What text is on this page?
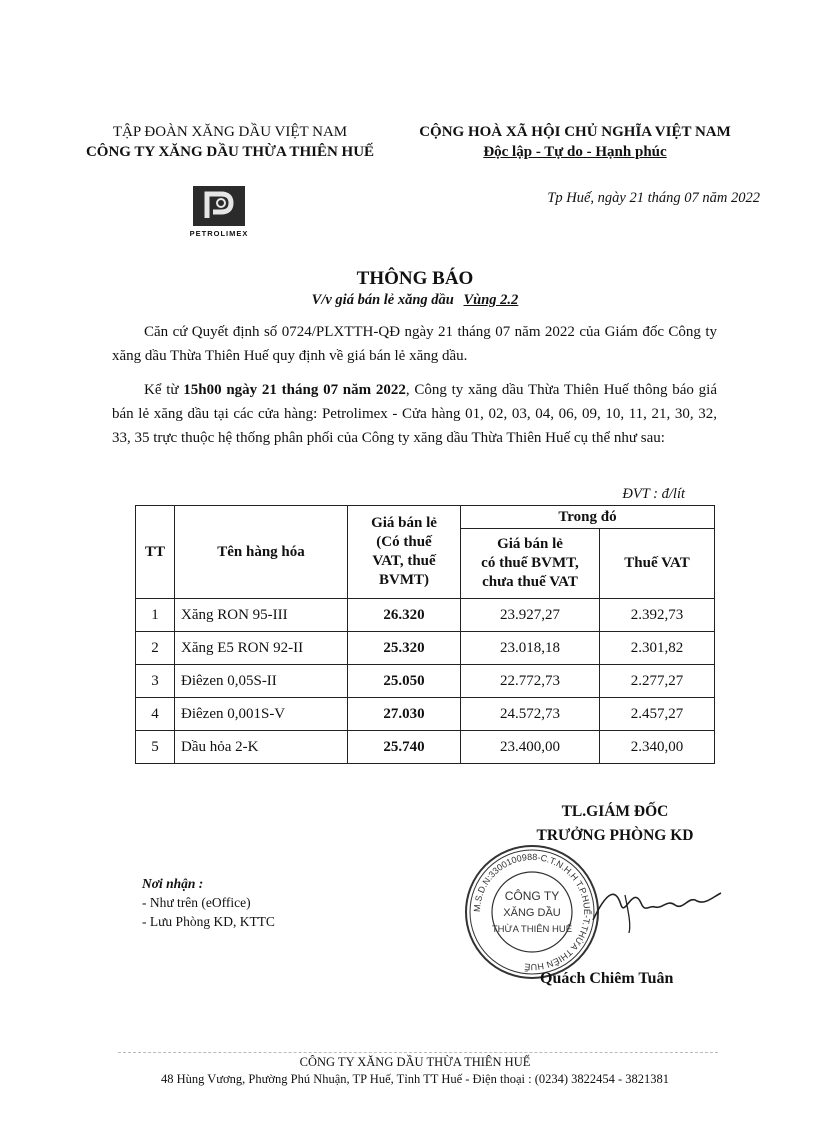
TẬP ĐOÀN XĂNG DẦU VIỆT NAM
CÔNG TY XĂNG DẦU THỪA THIÊN HUẾ
CỘNG HOÀ XÃ HỘI CHỦ NGHĨA VIỆT NAM
Độc lập - Tự do - Hạnh phúc
PETROLIMEX
Tp Huế, ngày 21 tháng 07 năm 2022
THÔNG BÁO
V/v giá bán lẻ xăng dầu Vùng 2.2
Căn cứ Quyết định số 0724/PLXTTH-QĐ ngày 21 tháng 07 năm 2022 của Giám đốc Công ty xăng dầu Thừa Thiên Huế quy định về giá bán lẻ xăng dầu.
Kể từ 15h00 ngày 21 tháng 07 năm 2022, Công ty xăng dầu Thừa Thiên Huế thông báo giá bán lẻ xăng dầu tại các cửa hàng: Petrolimex - Cửa hàng 01, 02, 03, 04, 06, 09, 10, 11, 21, 30, 32, 33, 35 trực thuộc hệ thống phân phối của Công ty xăng dầu Thừa Thiên Huế cụ thể như sau:
ĐVT : đ/lít
TT	Tên hàng hóa	Giá bán lẻ
(Có thuế
VAT, thuế
BVMT)	Trong đó	

			Giá bán lẻ
có thuế BVMT,
chưa thuế VAT	Thuế VAT
1	Xăng RON 95-III	26.320	23.927,27	2.392,73
2	Xăng E5 RON 92-II	25.320	23.018,18	2.301,82
3	Điêzen 0,05S-II	25.050	22.772,73	2.277,27
4	Điêzen 0,001S-V	27.030	24.572,73	2.457,27
5	Dầu hỏa 2-K	25.740	23.400,00	2.340,00
TL.GIÁM ĐỐC
TRƯỞNG PHÒNG KD
M.S.D.N:3300100988-C.T.N.H.H T.P.HUẾ-T.THỪA THIÊN HUẾ
CÔNG TY
XĂNG DẦU
THỪA THIÊN HUẾ
Quách Chiêm Tuân
Nơi nhận :
- Như trên (eOffice)
- Lưu Phòng KD, KTTC
CÔNG TY XĂNG DẦU THỪA THIÊN HUẾ
48 Hùng Vương, Phường Phú Nhuận, TP Huế, Tỉnh TT Huế - Điện thoại : (0234) 3822454 - 3821381
